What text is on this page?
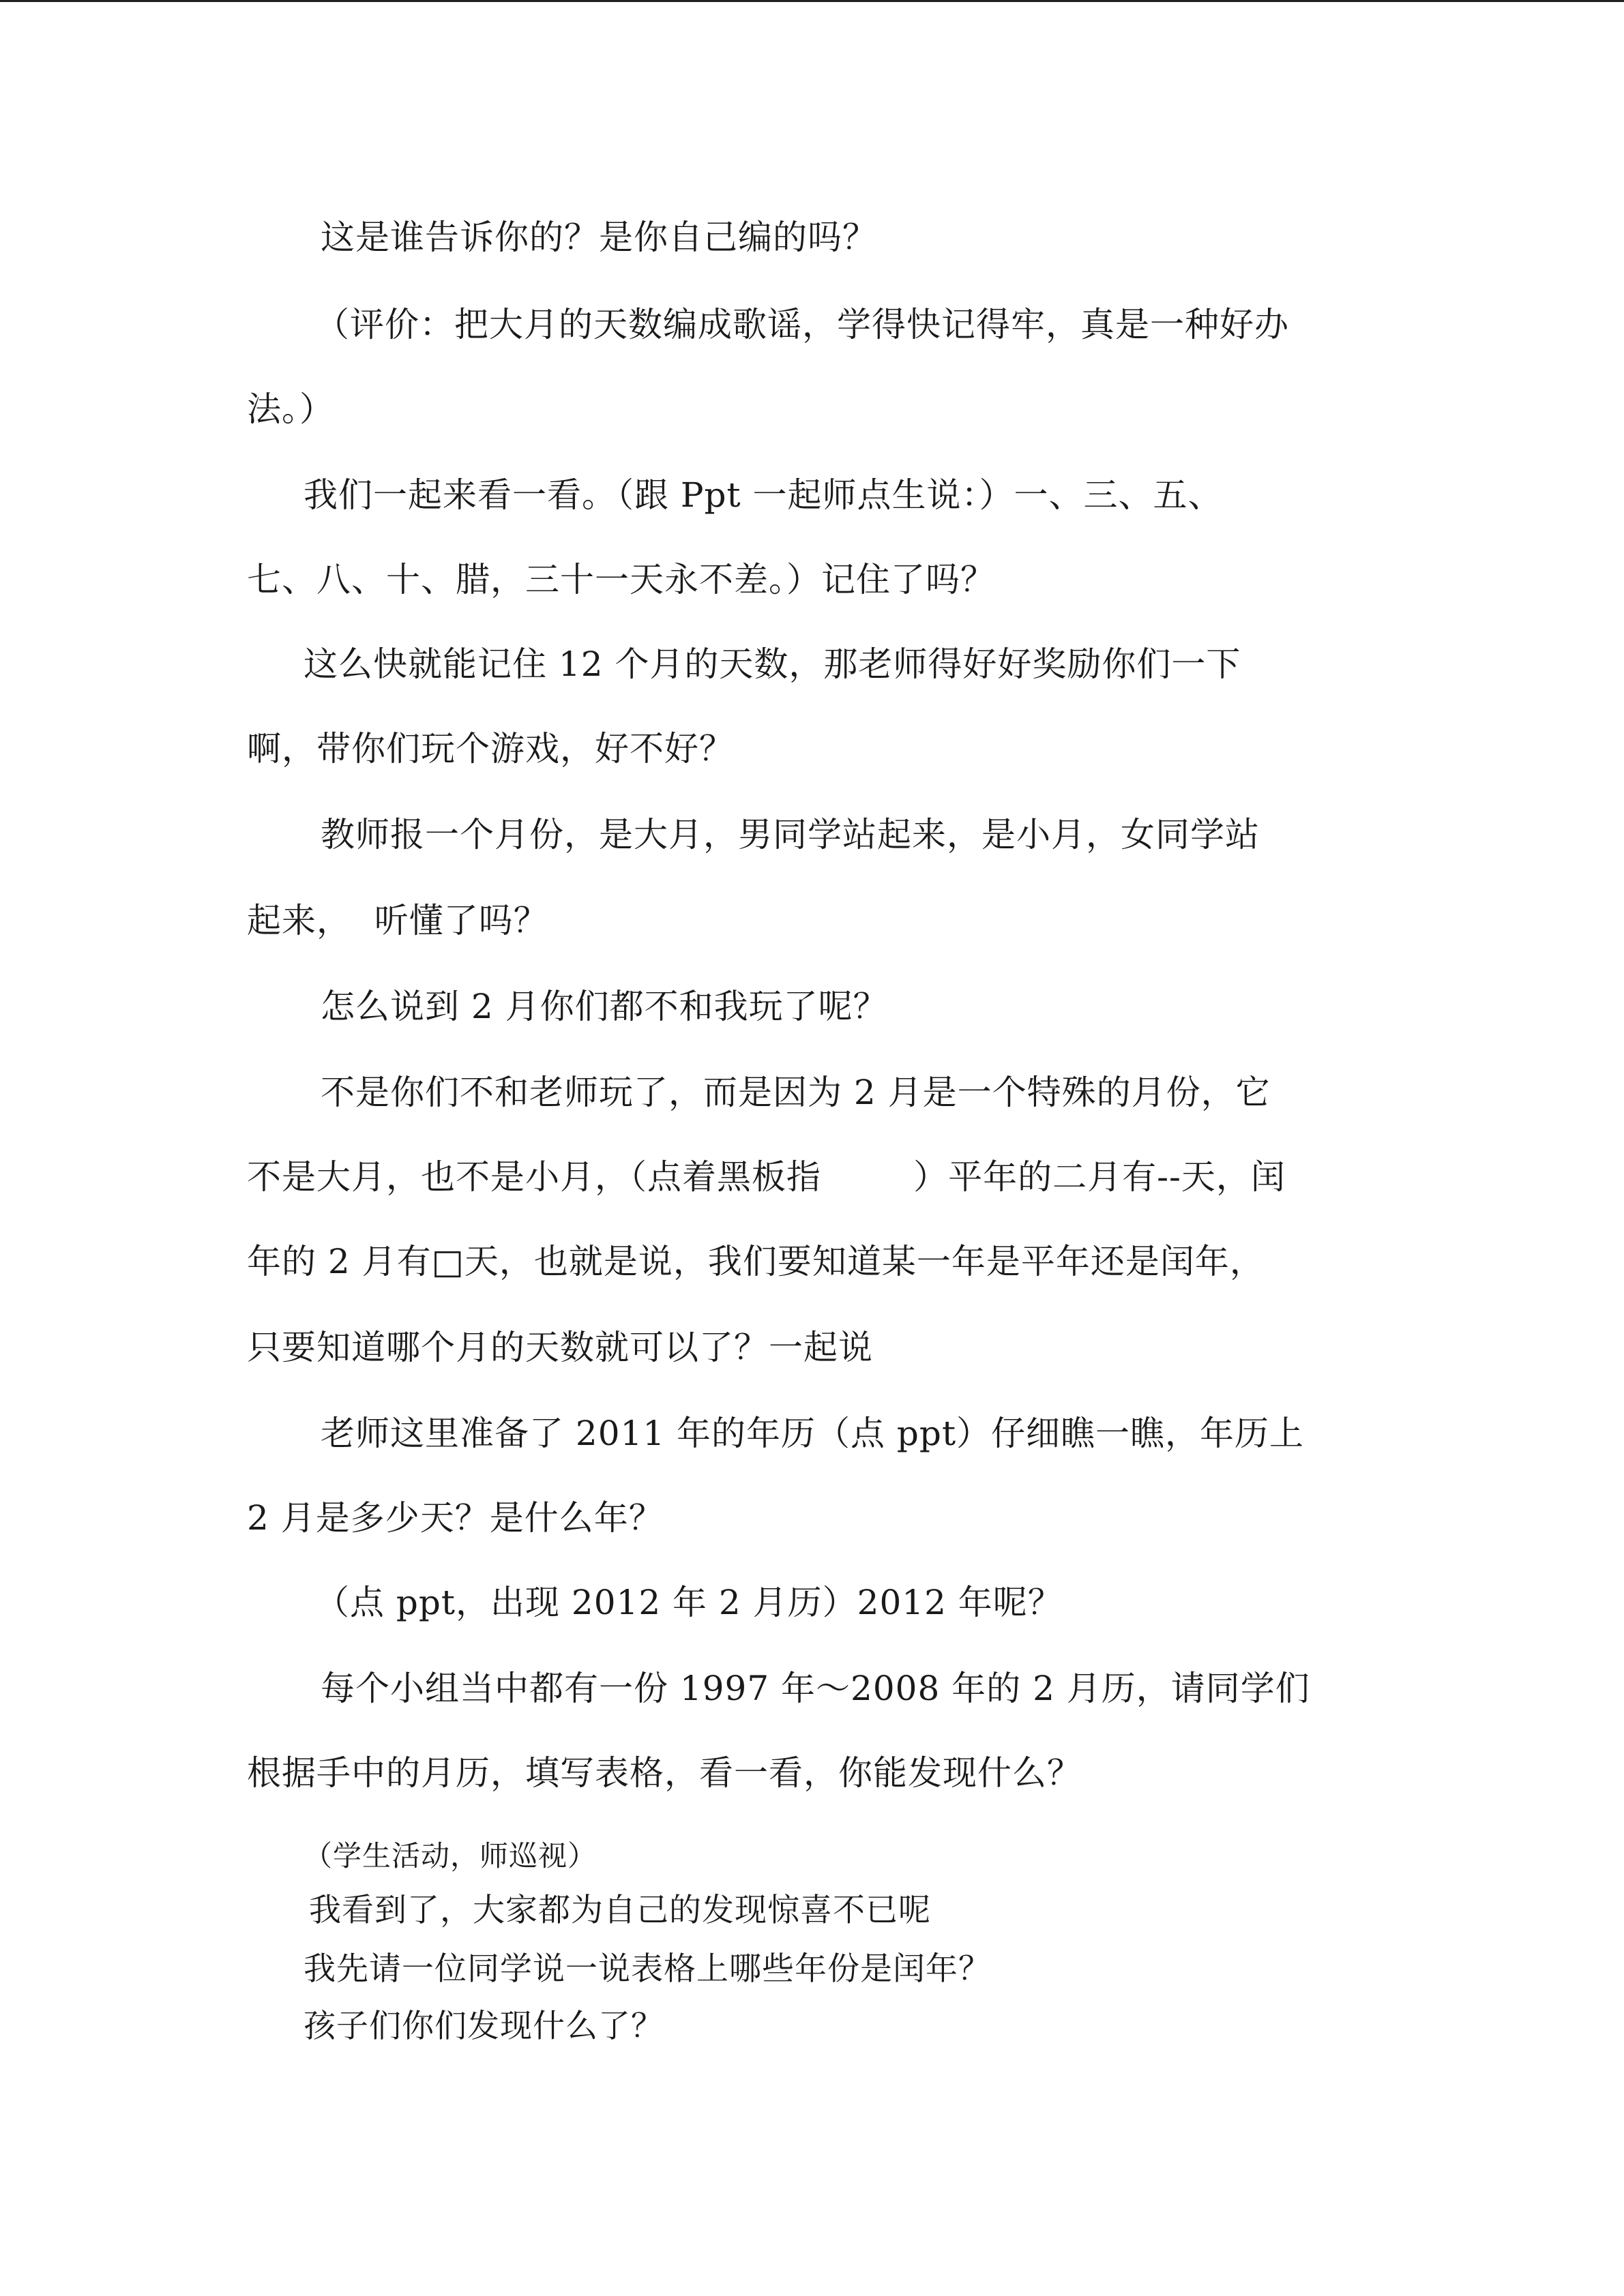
这是谁告诉你的？是你自己编的吗？
（评价：把大月的天数编成歌谣，学得快记得牢，真是一种好办
法。）
我们一起来看一看。（跟 Ppt 一起师点生说：）一、三、五、
七、八、十、腊，三十一天永不差。）记住了吗？
这么快就能记住 12 个月的天数，那老师得好好奖励你们一下
啊，带你们玩个游戏，好不好？
教师报一个月份，是大月，男同学站起来，是小月，女同学站
起来，  听懂了吗？
怎么说到 2 月你们都不和我玩了呢？
不是你们不和老师玩了，而是因为 2 月是一个特殊的月份，它
不是大月，也不是小月，（点着黑板指        ）平年的二月有--天，闰
年的 2 月有□天，也就是说，我们要知道某一年是平年还是闰年，
只要知道哪个月的天数就可以了？一起说
老师这里准备了 2011 年的年历（点 ppt）仔细瞧一瞧，年历上
2 月是多少天？是什么年？
（点 ppt，出现 2012 年 2 月历）2012 年呢？
每个小组当中都有一份 1997 年～2008 年的 2 月历，请同学们
根据手中的月历，填写表格，看一看，你能发现什么？
（学生活动，师巡视）
我看到了，大家都为自己的发现惊喜不已呢
我先请一位同学说一说表格上哪些年份是闰年？
孩子们你们发现什么了？
